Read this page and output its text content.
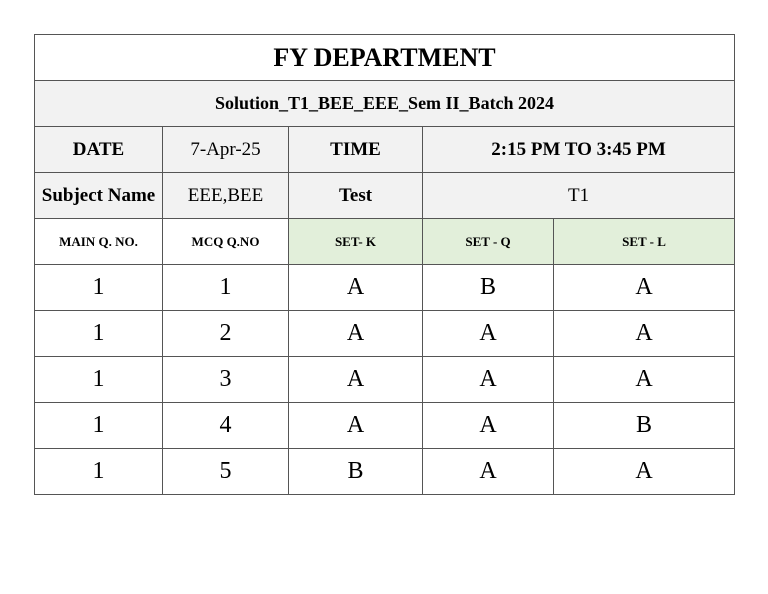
FY DEPARTMENT				
Solution_T1_BEE_EEE_Sem II_Batch 2024				
DATE	7-Apr-25	TIME	2:15 PM TO 3:45 PM	
Subject Name	EEE,BEE	Test	T1	
MAIN Q. NO.	MCQ Q.NO	SET- K	SET - Q	SET - L
1	1	A	B	A
1	2	A	A	A
1	3	A	A	A
1	4	A	A	B
1	5	B	A	A
